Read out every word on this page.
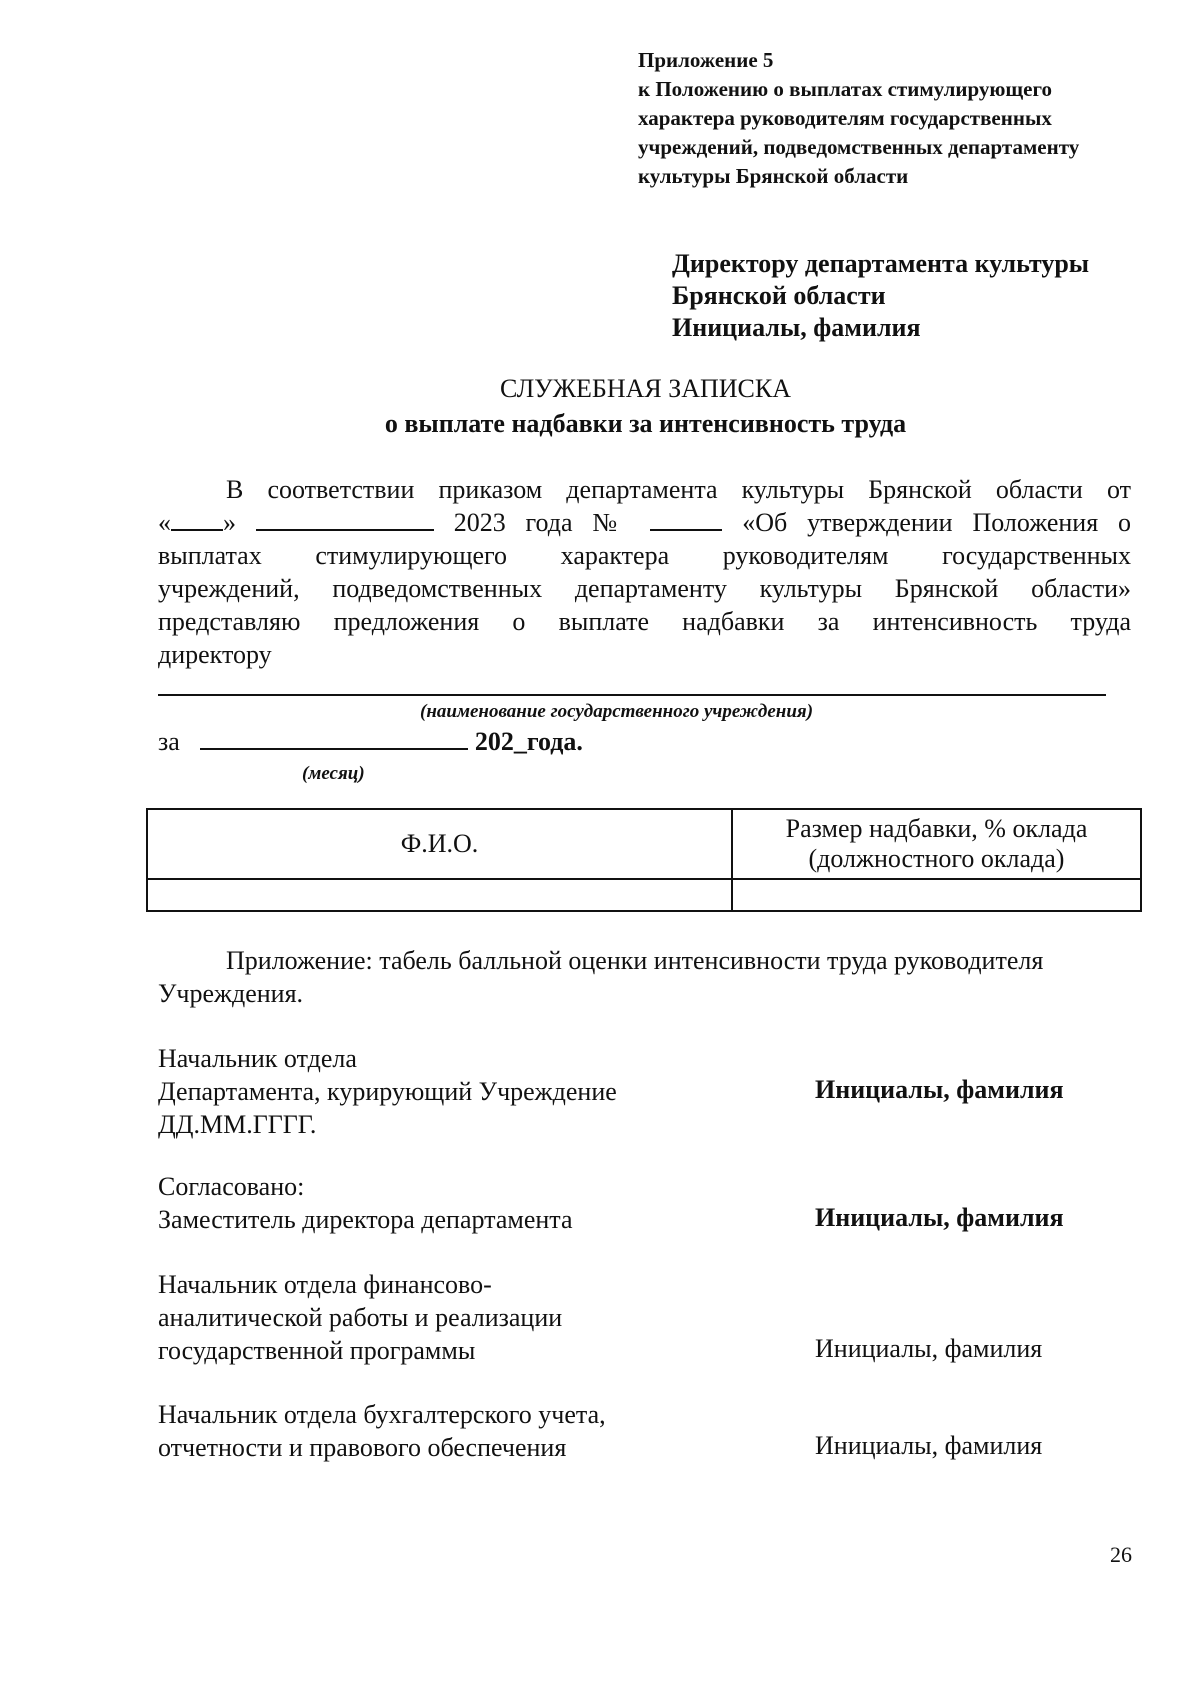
Приложение 5
к Положению о выплатах стимулирующего
характера руководителям государственных
учреждений, подведомственных департаменту
культуры Брянской области
Директору департамента культуры
Брянской области
Инициалы, фамилия
СЛУЖЕБНАЯ ЗАПИСКА
о выплате надбавки за интенсивность труда
В соответствии приказом департамента культуры Брянской области от
« »	2023 года №	«Об утверждении Положения о
выплатах стимулирующего характера руководителям государственных
учреждений, подведомственных департаменту культуры Брянской области»
представляю предложения о выплате надбавки за интенсивность труда
директору
(наименование государственного учреждения)
за	202_года.
(месяц)
Ф.И.О.	Размер надбавки, % оклада
(должностного оклада)

Приложение: табель балльной оценки интенсивности труда руководителя
Учреждения.
Начальник отдела
Департамента, курирующий Учреждение
ДД.ММ.ГГГГ.
Инициалы, фамилия
Согласовано:
Заместитель директора департамента	Инициалы, фамилия
Начальник отдела финансово-
аналитической работы и реализации
государственной программы	Инициалы, фамилия
Начальник отдела бухгалтерского учета,
отчетности и правового обеспечения	Инициалы, фамилия
26
